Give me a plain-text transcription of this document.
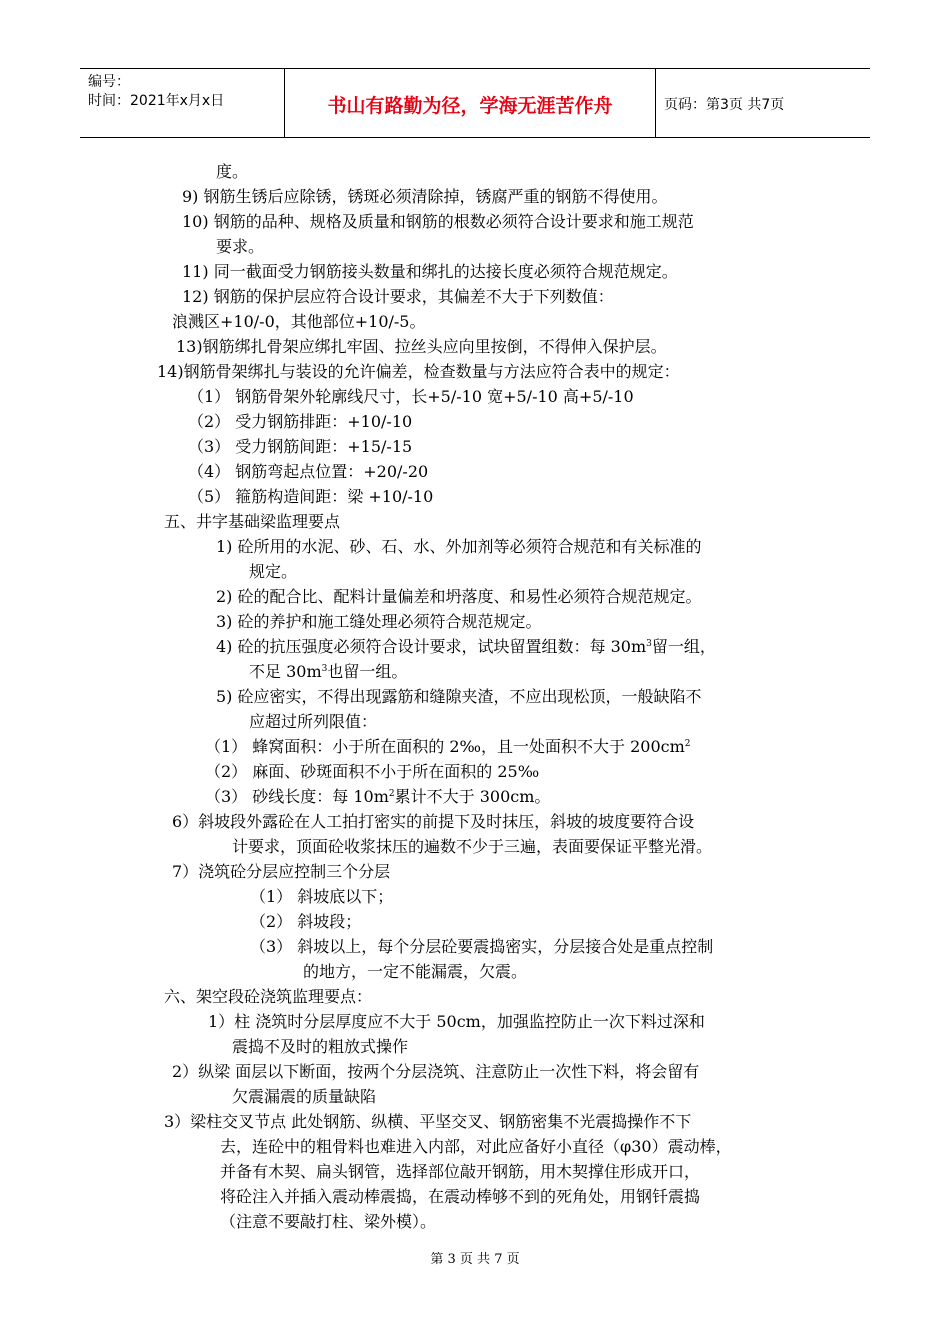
编号：
时间：2021年x月x日	书山有路勤为径，学海无涯苦作舟	页码：第3页 共7页
度。
9) 钢筋生锈后应除锈，锈斑必须清除掉，锈腐严重的钢筋不得使用。
10) 钢筋的品种、规格及质量和钢筋的根数必须符合设计要求和施工规范
要求。
11) 同一截面受力钢筋接头数量和绑扎的达接长度必须符合规范规定。
12) 钢筋的保护层应符合设计要求，其偏差不大于下列数值：
浪溅区+10/-0，其他部位+10/-5。
13)钢筋绑扎骨架应绑扎牢固、拉丝头应向里按倒，不得伸入保护层。
14)钢筋骨架绑扎与装设的允许偏差，检查数量与方法应符合表中的规定：
（1） 钢筋骨架外轮廓线尺寸，长+5/-10 宽+5/-10 高+5/-10
（2） 受力钢筋排距：+10/-10
（3） 受力钢筋间距：+15/-15
（4） 钢筋弯起点位置：+20/-20
（5） 箍筋构造间距：梁 +10/-10
五、井字基础梁监理要点
1) 砼所用的水泥、砂、石、水、外加剂等必须符合规范和有关标准的
规定。
2) 砼的配合比、配料计量偏差和坍落度、和易性必须符合规范规定。
3) 砼的养护和施工缝处理必须符合规范规定。
4) 砼的抗压强度必须符合设计要求，试块留置组数：每 $30m^3$留一组，
不足 $30m^3$也留一组。
5) 砼应密实，不得出现露筋和缝隙夹渣，不应出现松顶，一般缺陷不
应超过所列限值：
（1） 蜂窝面积：小于所在面积的 2‰，且一处面积不大于 $200cm^2$
（2） 麻面、砂斑面积不小于所在面积的 25‰
（3） 砂线长度：每 $10m^2$累计不大于 300cm。
6）斜坡段外露砼在人工拍打密实的前提下及时抹压，斜坡的坡度要符合设
计要求，顶面砼收浆抹压的遍数不少于三遍，表面要保证平整光滑。
7）浇筑砼分层应控制三个分层
（1） 斜坡底以下；
（2） 斜坡段；
（3） 斜坡以上，每个分层砼要震捣密实，分层接合处是重点控制
的地方，一定不能漏震，欠震。
六、架空段砼浇筑监理要点：
1）柱 浇筑时分层厚度应不大于 50cm，加强监控防止一次下料过深和
震捣不及时的粗放式操作
2）纵梁 面层以下断面，按两个分层浇筑、注意防止一次性下料，将会留有
欠震漏震的质量缺陷
3）梁柱交叉节点 此处钢筋、纵横、平坚交叉、钢筋密集不光震捣操作不下
去，连砼中的粗骨料也难进入内部，对此应备好小直径（φ30）震动棒，
并备有木契、扁头钢管，选择部位敲开钢筋，用木契撑住形成开口，
将砼注入并插入震动棒震捣，在震动棒够不到的死角处，用钢钎震捣
（注意不要敲打柱、梁外模）。
第 3 页 共 7 页
